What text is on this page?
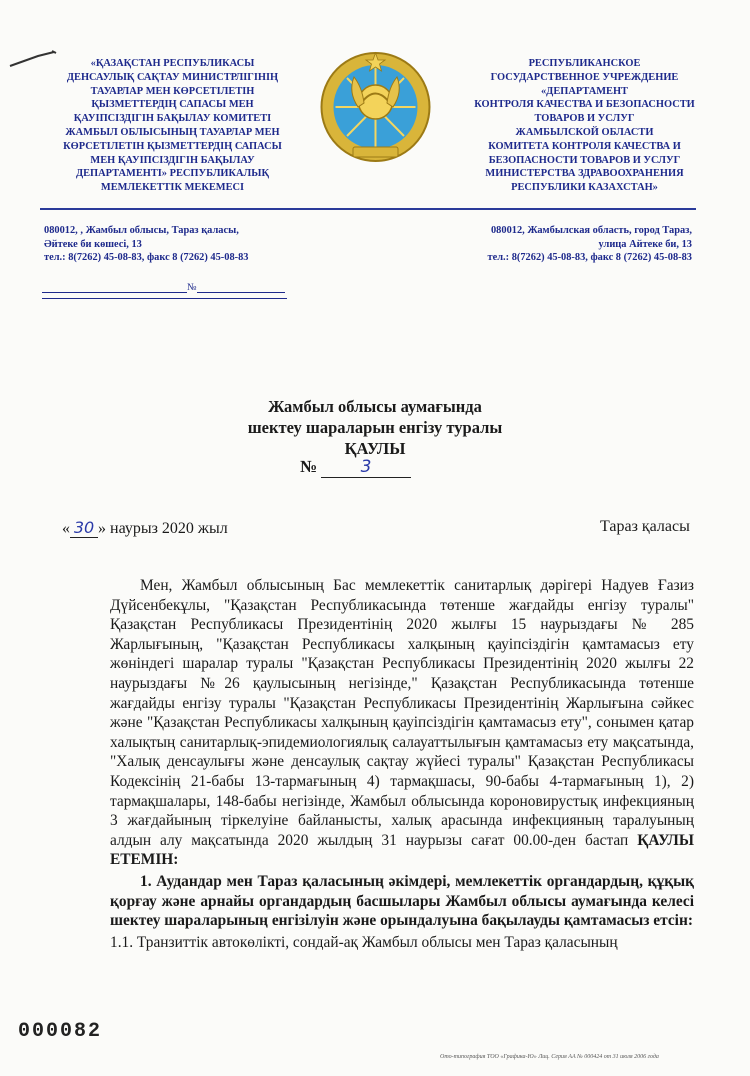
«ҚАЗАҚСТАН РЕСПУБЛИКАСЫ
ДЕНСАУЛЫҚ САҚТАУ МИНИСТРЛІГІНІҢ
ТАУАРЛАР МЕН КӨРСЕТІЛЕТІН
ҚЫЗМЕТТЕРДІҢ САПАСЫ МЕН
ҚАУІПСІЗДІГІН БАҚЫЛАУ КОМИТЕТІ
ЖАМБЫЛ ОБЛЫСЫНЫҢ ТАУАРЛАР МЕН
КӨРСЕТІЛЕТІН ҚЫЗМЕТТЕРДІҢ САПАСЫ
МЕН ҚАУІПСІЗДІГІН БАҚЫЛАУ
ДЕПАРТАМЕНТІ» РЕСПУБЛИКАЛЫҚ
МЕМЛЕКЕТТІК МЕКЕМЕСІ
РЕСПУБЛИКАНСКОЕ
ГОСУДАРСТВЕННОЕ УЧРЕЖДЕНИЕ
«ДЕПАРТАМЕНТ
КОНТРОЛЯ КАЧЕСТВА И БЕЗОПАСНОСТИ
ТОВАРОВ И УСЛУГ
ЖАМБЫЛСКОЙ ОБЛАСТИ
КОМИТЕТА КОНТРОЛЯ КАЧЕСТВА И
БЕЗОПАСНОСТИ ТОВАРОВ И УСЛУГ
МИНИСТЕРСТВА ЗДРАВООХРАНЕНИЯ
РЕСПУБЛИКИ КАЗАХСТАН»
080012, , Жамбыл облысы, Тараз қаласы,
Әйтеке би көшесі, 13
тел.: 8(7262) 45-08-83, факс 8 (7262) 45-08-83
080012, Жамбылская область, город Тараз,
улица Айтеке би, 13
тел.: 8(7262) 45-08-83, факс 8 (7262) 45-08-83
№
Жамбыл облысы аумағында
шектеу шараларын енгізу туралы
ҚАУЛЫ
№	3
« 30 » наурыз 2020 жыл	Тараз қаласы

Мен, Жамбыл облысының Бас мемлекеттік санитарлық дәрігері Надуев Ғазиз Дүйсенбекұлы, "Қазақстан Республикасында төтенше жағдайды енгізу туралы" Қазақстан Республикасы Президентінің 2020 жылғы 15 наурыздағы № 285 Жарлығының, "Қазақстан Республикасы халқының қауіпсіздігін қамтамасыз ету жөніндегі шаралар туралы "Қазақстан Республикасы Президентінің 2020 жылғы 22 наурыздағы №26 қаулысының негізінде," Қазақстан Республикасында төтенше жағдайды енгізу туралы "Қазақстан Республикасы Президентінің Жарлығына сәйкес және "Қазақстан Республикасы халқының қауіпсіздігін қамтамасыз ету", сонымен қатар халықтың санитарлық-эпидемиологиялық салауаттылығын қамтамасыз ету мақсатында, "Халық денсаулығы және денсаулық сақтау жүйесі туралы" Қазақстан Республикасы Кодексінің 21-бабы 13-тармағының 4) тармақшасы, 90-бабы 4-тармағының 1), 2) тармақшалары, 148-бабы негізінде, Жамбыл облысында короновирустық инфекцияның 3 жағдайының тіркелуіне байланысты, халық арасында инфекцияның таралуының алдын алу мақсатында 2020 жылдың 31 наурызы сағат 00.00-ден бастап ҚАУЛЫ ЕТЕМІН:

1. Аудандар мен Тараз қаласының әкімдері, мемлекеттік органдардың, құқық қорғау және арнайы органдардың басшылары Жамбыл облысы аумағында келесі шектеу шараларының енгізілуін және орындалуына бақылауды қамтамасыз етсін:

1.1. Транзиттік автокөлікті, сондай-ақ Жамбыл облысы мен Тараз қаласының

000082
Ото-типография ТОО «Графика-Ю» Лиц. Серия АА № 000424 от 31 июля 2006 года
